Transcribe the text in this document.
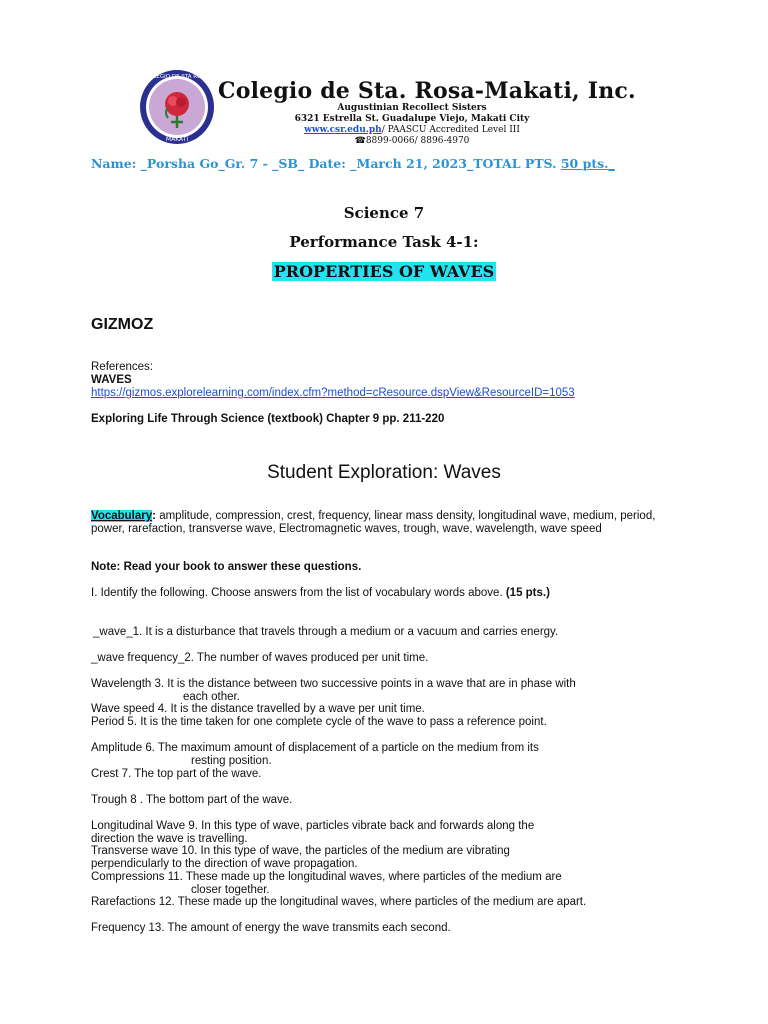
COLEGIO DE STA ROSA
MAKATI
Colegio de Sta. Rosa-Makati, Inc.
Augustinian Recollect Sisters
6321 Estrella St. Guadalupe Viejo, Makati City
www.csr.edu.ph/ PAASCU Accredited Level III
☎8899-0066/ 8896-4970
Name: _Porsha Go_Gr. 7 - _SB_ Date: _March 21, 2023_TOTAL PTS. 50 pts._
Science 7
Performance Task 4-1:
PROPERTIES OF WAVES
GIZMOZ
References:
WAVES
https://gizmos.explorelearning.com/index.cfm?method=cResource.dspView&ResourceID=1053
Exploring Life Through Science (textbook) Chapter 9 pp. 211-220
Student Exploration: Waves
Vocabulary: amplitude, compression, crest, frequency, linear mass density, longitudinal wave, medium, period, power, rarefaction, transverse wave, Electromagnetic waves, trough, wave, wavelength, wave speed
Note: Read your book to answer these questions.
I. Identify the following. Choose answers from the list of vocabulary words above. (15 pts.)
_wave_1. It is a disturbance that travels through a medium or a vacuum and carries energy.
_wave frequency_2. The number of waves produced per unit time.
Wavelength 3. It is the distance between two successive points in a wave that are in phase with
each other.
Wave speed 4. It is the distance travelled by a wave per unit time.
Period 5. It is the time taken for one complete cycle of the wave to pass a reference point.
Amplitude 6. The maximum amount of displacement of a particle on the medium from its
resting position.
Crest 7. The top part of the wave.
Trough 8 . The bottom part of the wave.
Longitudinal Wave 9. In this type of wave, particles vibrate back and forwards along the
direction the wave is travelling.
Transverse wave 10. In this type of wave, the particles of the medium are vibrating
perpendicularly to the direction of wave propagation.
Compressions 11. These made up the longitudinal waves, where particles of the medium are
closer together.
Rarefactions 12. These made up the longitudinal waves, where particles of the medium are apart.
Frequency 13. The amount of energy the wave transmits each second.
